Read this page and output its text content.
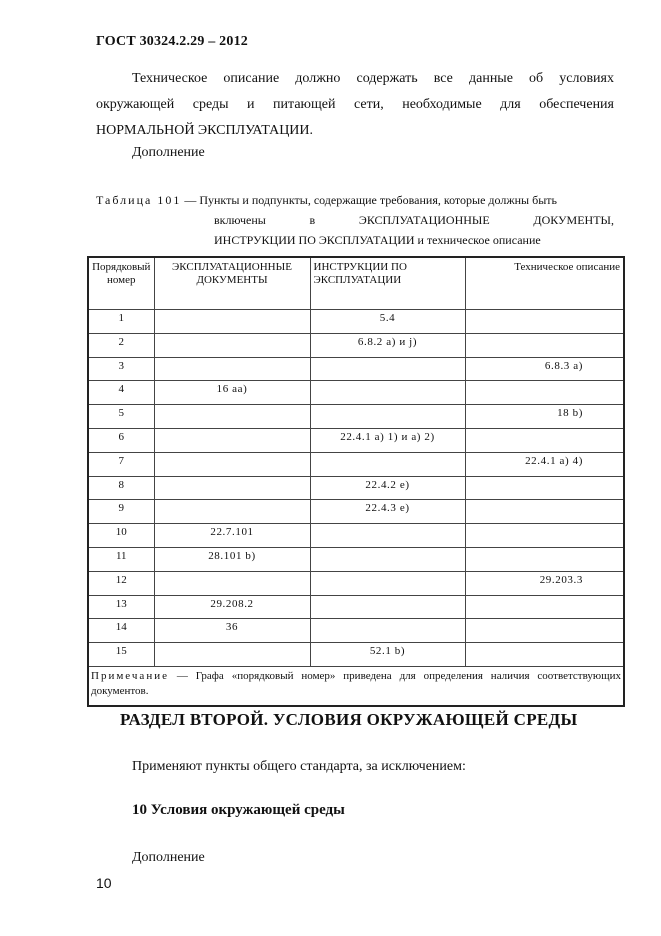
ГОСТ 30324.2.29 – 2012
Техническое описание должно содержать все данные об условиях
окружающей среды и питающей сети, необходимые для обеспечения
НОРМАЛЬНОЙ ЭКСПЛУАТАЦИИ.
Дополнение
Таблица 101 — Пункты и подпункты, содержащие требования, которые должны быть
включены в ЭКСПЛУАТАЦИОННЫЕ ДОКУМЕНТЫ,
ИНСТРУКЦИИ ПО ЭКСПЛУАТАЦИИ и техническое описание
Порядковый номер	ЭКСПЛУАТАЦИОННЫЕ ДОКУМЕНТЫ	ИНСТРУКЦИИ ПО ЭКСПЛУАТАЦИИ	Техническое описание
1		5.4	
2		6.8.2 a) и j)	
3			6.8.3 a)
4	16 aa)		
5			18 b)
6		22.4.1 a) 1) и a) 2)	
7			22.4.1 a) 4)
8		22.4.2 e)	
9		22.4.3 e)	
10	22.7.101		
11	28.101 b)		
12			29.203.3
13	29.208.2		
14	36		
15		52.1 b)	
Примечание — Графа «порядковый номер» приведена для определения наличия соответствующих документов.			
РАЗДЕЛ ВТОРОЙ. УСЛОВИЯ ОКРУЖАЮЩЕЙ СРЕДЫ
Применяют пункты общего стандарта, за исключением:
10 Условия окружающей среды
Дополнение
10
